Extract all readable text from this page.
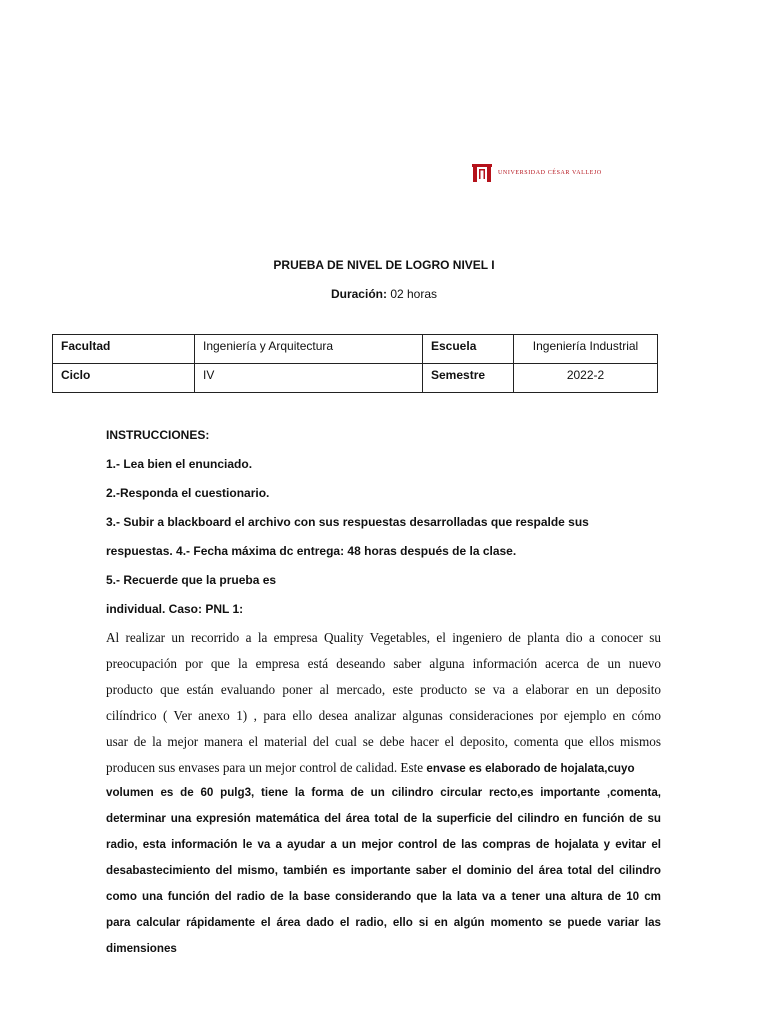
UNIVERSIDAD CÉSAR VALLEJO
PRUEBA DE NIVEL DE LOGRO NIVEL I
Duración: 02 horas
Facultad	Ingeniería y Arquitectura	Escuela	Ingeniería Industrial
Ciclo	IV	Semestre	2022-2
INSTRUCCIONES:
1.- Lea bien el enunciado.
2.-Responda el cuestionario.
3.- Subir a blackboard el archivo con sus respuestas desarrolladas que respalde sus
respuestas. 4.- Fecha máxima dc entrega: 48 horas después de la clase.
5.- Recuerde que la prueba es
individual. Caso: PNL 1:
Al realizar un recorrido a la empresa Quality Vegetables, el ingeniero de planta dio a conocer su
preocupación por que la empresa está deseando saber alguna información acerca de un nuevo
producto que están evaluando poner al mercado, este producto se va a elaborar en un deposito
cilíndrico ( Ver anexo 1) , para ello desea analizar algunas consideraciones por ejemplo en cómo
usar de la mejor manera el material del cual se debe hacer el deposito, comenta que ellos mismos
producen sus envases para un mejor control de calidad. Este envase es elaborado de hojalata,cuyo
volumen es de 60 pulg3, tiene la forma de un cilindro circular recto,es importante ,comenta,
determinar una expresión matemática del área total de la superficie del cilindro en función de su
radio, esta información le va a ayudar a un mejor control de las compras de hojalata y evitar el
desabastecimiento del mismo, también es importante saber el dominio del área total del cilindro
como una función del radio de la base considerando que la lata va a tener una altura de 10 cm
para calcular rápidamente el área dado el radio, ello si en algún momento se puede variar las
dimensiones
